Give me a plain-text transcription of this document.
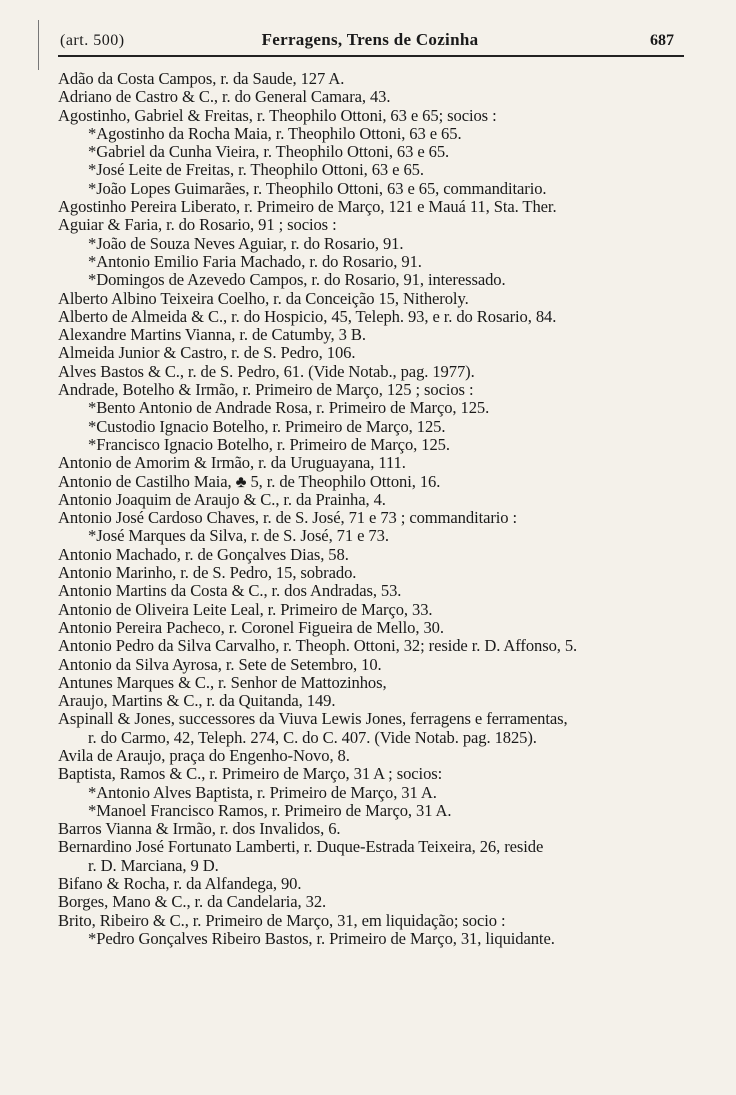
(art. 500)	Ferragens, Trens de Cozinha	687
Adão da Costa Campos, r. da Saude, 127 A.
Adriano de Castro & C., r. do General Camara, 43.
Agostinho, Gabriel & Freitas, r. Theophilo Ottoni, 63 e 65; socios :
*Agostinho da Rocha Maia, r. Theophilo Ottoni, 63 e 65.
*Gabriel da Cunha Vieira, r. Theophilo Ottoni, 63 e 65.
*José Leite de Freitas, r. Theophilo Ottoni, 63 e 65.
*João Lopes Guimarães, r. Theophilo Ottoni, 63 e 65, commanditario.
Agostinho Pereira Liberato, r. Primeiro de Março, 121 e Mauá 11, Sta. Ther.
Aguiar & Faria, r. do Rosario, 91 ; socios :
*João de Souza Neves Aguiar, r. do Rosario, 91.
*Antonio Emilio Faria Machado, r. do Rosario, 91.
*Domingos de Azevedo Campos, r. do Rosario, 91, interessado.
Alberto Albino Teixeira Coelho, r. da Conceição 15, Nitheroly.
Alberto de Almeida & C., r. do Hospicio, 45, Teleph. 93, e r. do Rosario, 84.
Alexandre Martins Vianna, r. de Catumby, 3 B.
Almeida Junior & Castro, r. de S. Pedro, 106.
Alves Bastos & C., r. de S. Pedro, 61. (Vide Notab., pag. 1977).
Andrade, Botelho & Irmão, r. Primeiro de Março, 125 ; socios :
*Bento Antonio de Andrade Rosa, r. Primeiro de Março, 125.
*Custodio Ignacio Botelho, r. Primeiro de Março, 125.
*Francisco Ignacio Botelho, r. Primeiro de Março, 125.
Antonio de Amorim & Irmão, r. da Uruguayana, 111.
Antonio de Castilho Maia, ♣ 5, r. de Theophilo Ottoni, 16.
Antonio Joaquim de Araujo & C., r. da Prainha, 4.
Antonio José Cardoso Chaves, r. de S. José, 71 e 73 ; commanditario :
*José Marques da Silva, r. de S. José, 71 e 73.
Antonio Machado, r. de Gonçalves Dias, 58.
Antonio Marinho, r. de S. Pedro, 15, sobrado.
Antonio Martins da Costa & C., r. dos Andradas, 53.
Antonio de Oliveira Leite Leal, r. Primeiro de Março, 33.
Antonio Pereira Pacheco, r. Coronel Figueira de Mello, 30.
Antonio Pedro da Silva Carvalho, r. Theoph. Ottoni, 32; reside r. D. Affonso, 5.
Antonio da Silva Ayrosa, r. Sete de Setembro, 10.
Antunes Marques & C., r. Senhor de Mattozinhos,
Araujo, Martins & C., r. da Quitanda, 149.
Aspinall & Jones, successores da Viuva Lewis Jones, ferragens e ferramentas,
r. do Carmo, 42, Teleph. 274, C. do C. 407. (Vide Notab. pag. 1825).
Avila de Araujo, praça do Engenho-Novo, 8.
Baptista, Ramos & C., r. Primeiro de Março, 31 A ; socios:
*Antonio Alves Baptista, r. Primeiro de Março, 31 A.
*Manoel Francisco Ramos, r. Primeiro de Março, 31 A.
Barros Vianna & Irmão, r. dos Invalidos, 6.
Bernardino José Fortunato Lamberti, r. Duque-Estrada Teixeira, 26, reside
r. D. Marciana, 9 D.
Bifano & Rocha, r. da Alfandega, 90.
Borges, Mano & C., r. da Candelaria, 32.
Brito, Ribeiro & C., r. Primeiro de Março, 31, em liquidação; socio :
*Pedro Gonçalves Ribeiro Bastos, r. Primeiro de Março, 31, liquidante.
